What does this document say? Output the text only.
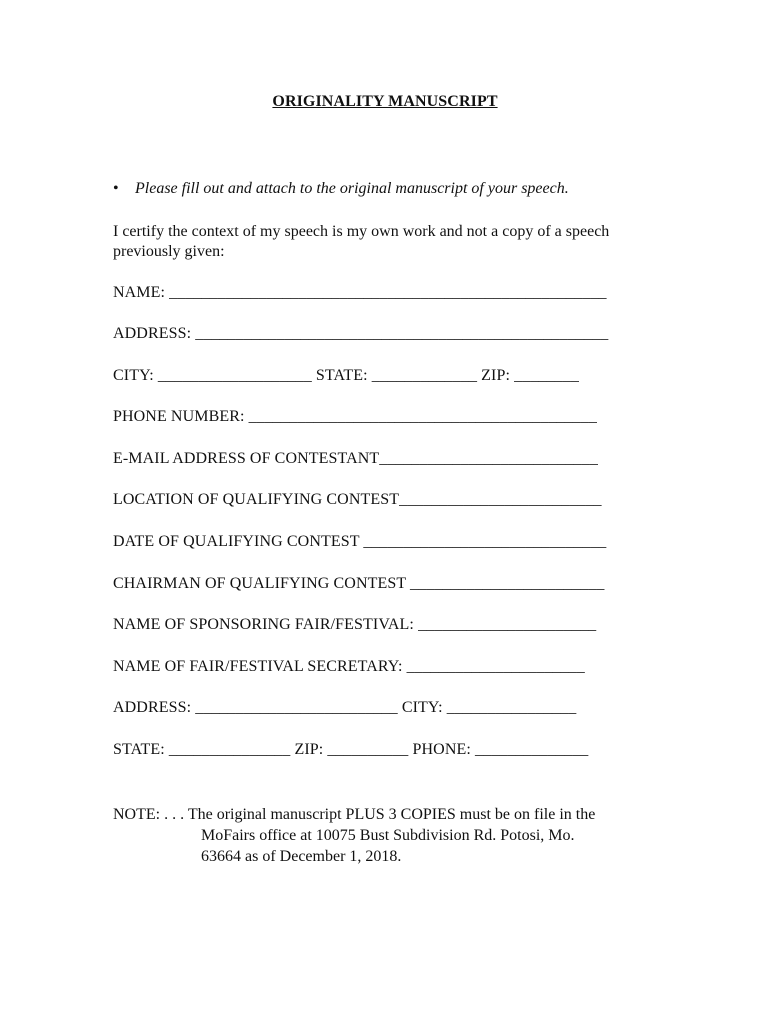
ORIGINALITY MANUSCRIPT
• Please fill out and attach to the original manuscript of your speech.
I certify the context of my speech is my own work and not a copy of a speech previously given:
NAME: ______________________________________________________
ADDRESS: ___________________________________________________
CITY: ___________________ STATE: _____________ ZIP: ________
PHONE NUMBER: ___________________________________________
E-MAIL ADDRESS OF CONTESTANT___________________________
LOCATION OF QUALIFYING CONTEST_________________________
DATE OF QUALIFYING CONTEST ______________________________
CHAIRMAN OF QUALIFYING CONTEST ________________________
NAME OF SPONSORING FAIR/FESTIVAL: ______________________
NAME OF FAIR/FESTIVAL SECRETARY: ______________________
ADDRESS: _________________________ CITY: ________________
STATE: _______________ ZIP: __________ PHONE: ______________
NOTE: . . . The original manuscript PLUS 3 COPIES must be on file in the
MoFairs office at 10075 Bust Subdivision Rd. Potosi, Mo.
63664 as of December 1, 2018.
